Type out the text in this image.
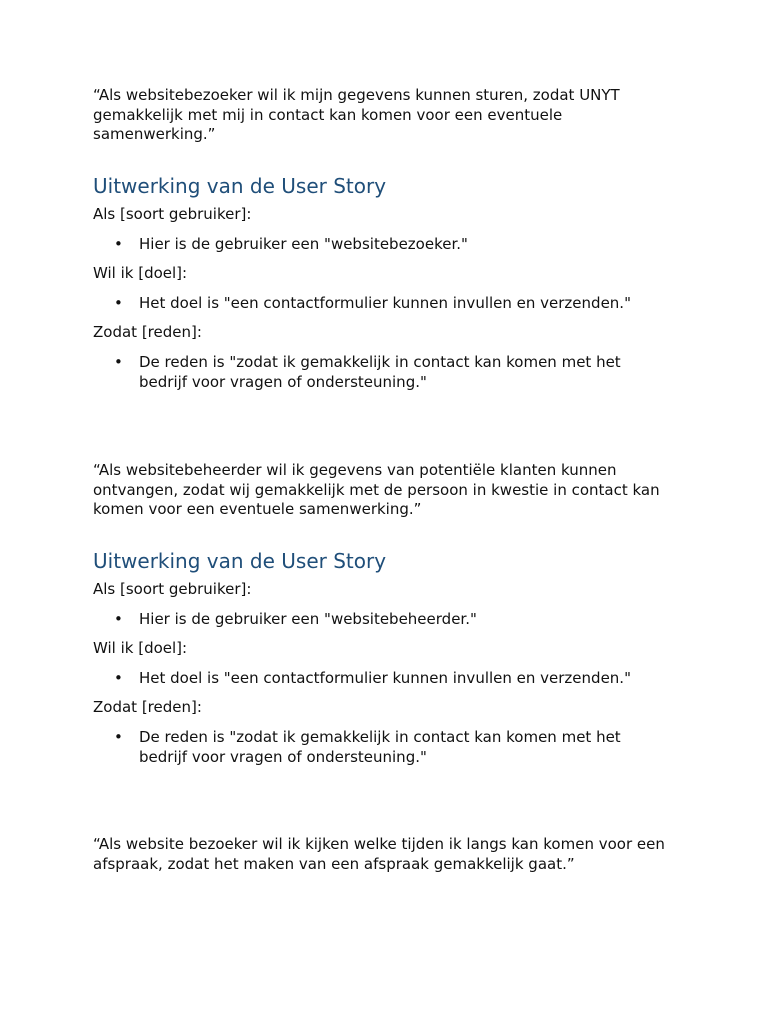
“Als websitebezoeker wil ik mijn gegevens kunnen sturen, zodat UNYT gemakkelijk met mij in contact kan komen voor een eventuele samenwerking.”

Uitwerking van de User Story

Als [soort gebruiker]:

• Hier is de gebruiker een "websitebezoeker."

Wil ik [doel]:

• Het doel is "een contactformulier kunnen invullen en verzenden."

Zodat [reden]:

• De reden is "zodat ik gemakkelijk in contact kan komen met het bedrijf voor vragen of ondersteuning."

“Als websitebeheerder wil ik gegevens van potentiële klanten kunnen ontvangen, zodat wij gemakkelijk met de persoon in kwestie in contact kan komen voor een eventuele samenwerking.”

Uitwerking van de User Story

Als [soort gebruiker]:

• Hier is de gebruiker een "websitebeheerder."

Wil ik [doel]:

• Het doel is "een contactformulier kunnen invullen en verzenden."

Zodat [reden]:

• De reden is "zodat ik gemakkelijk in contact kan komen met het bedrijf voor vragen of ondersteuning."

“Als website bezoeker wil ik kijken welke tijden ik langs kan komen voor een afspraak, zodat het maken van een afspraak gemakkelijk gaat.”
